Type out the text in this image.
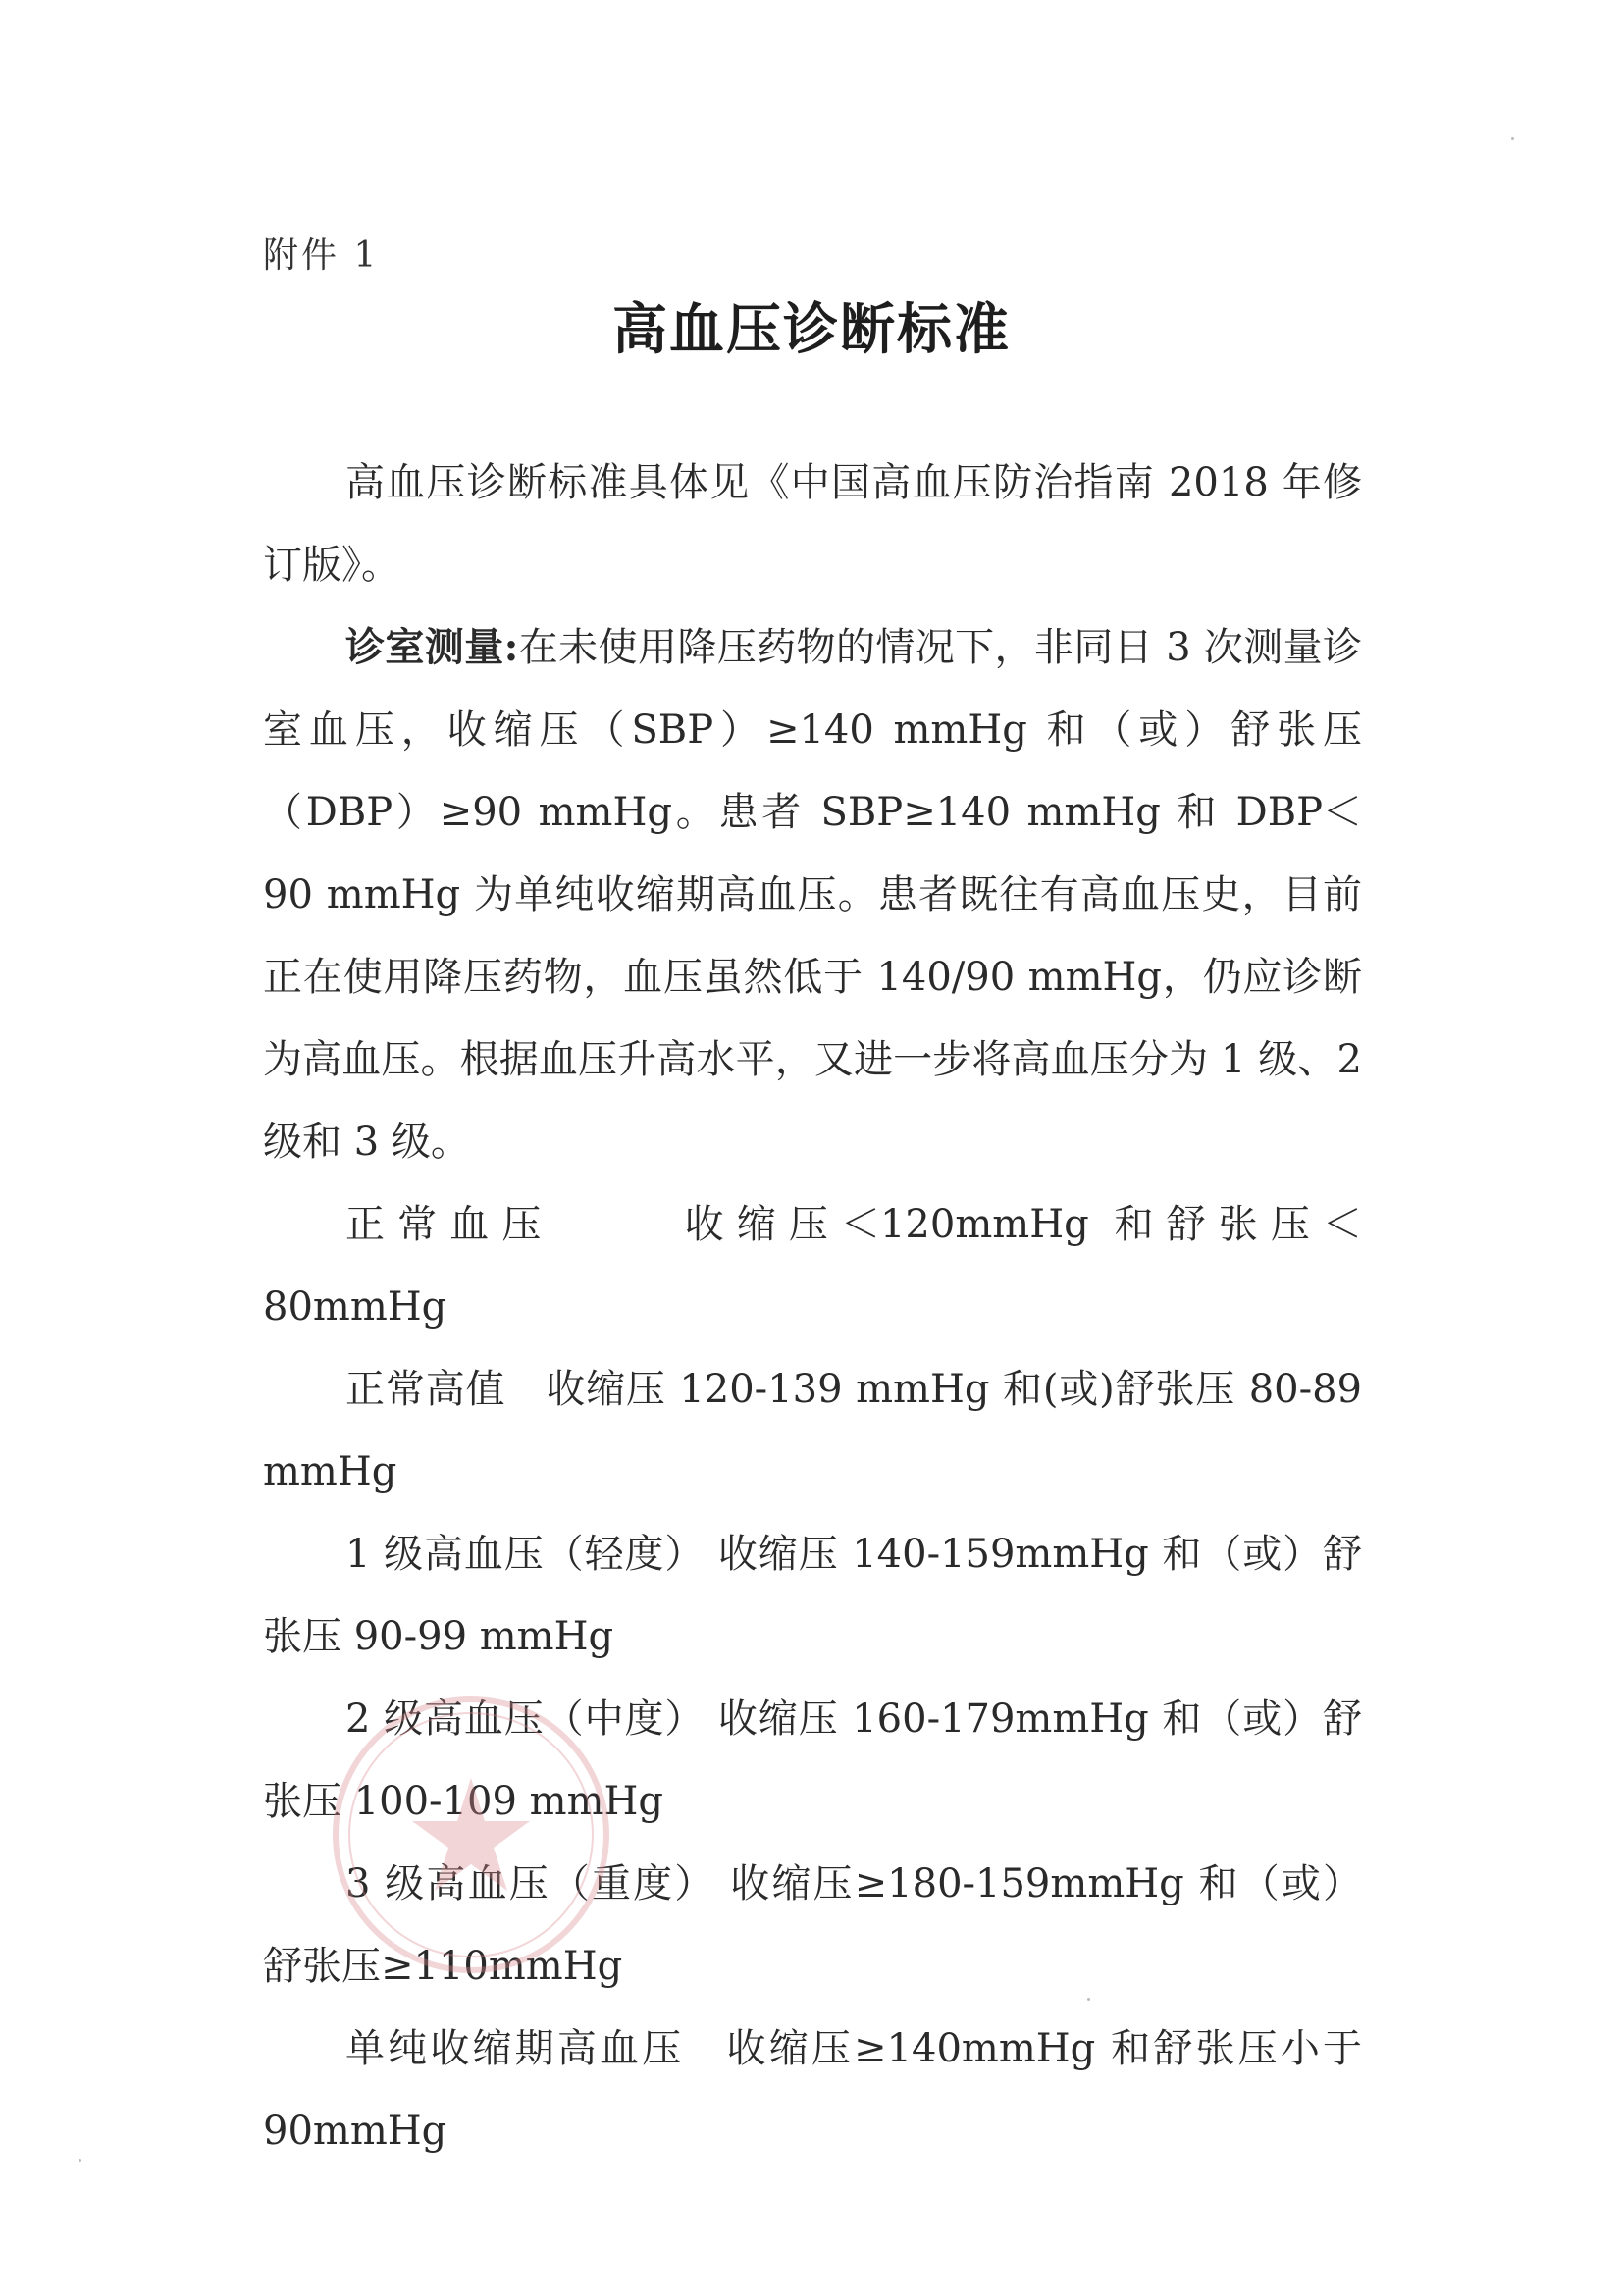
附件 1
高血压诊断标准

高血压诊断标准具体见《中国高血压防治指南 2018 年修订版》。

诊室测量:在未使用降压药物的情况下，非同日 3 次测量诊室血压，收缩压（SBP）≥140 mmHg 和（或）舒张压（DBP）≥90 mmHg。患者 SBP≥140 mmHg 和 DBP＜90 mmHg 为单纯收缩期高血压。患者既往有高血压史，目前正在使用降压药物，血压虽然低于 140/90 mmHg，仍应诊断为高血压。根据血压升高水平，又进一步将高血压分为 1 级、2 级和 3 级。

正常血压	收缩压＜120mmHg 和舒张压＜80mmHg

正常高值 收缩压 120-139 mmHg 和(或)舒张压 80-89 mmHg

1 级高血压（轻度） 收缩压 140-159mmHg 和（或）舒张压 90-99 mmHg

2 级高血压（中度） 收缩压 160-179mmHg 和（或）舒张压 100-109 mmHg

3 级高血压（重度） 收缩压≥180-159mmHg 和（或）舒张压≥110mmHg

单纯收缩期高血压 收缩压≥140mmHg 和舒张压小于 90mmHg
